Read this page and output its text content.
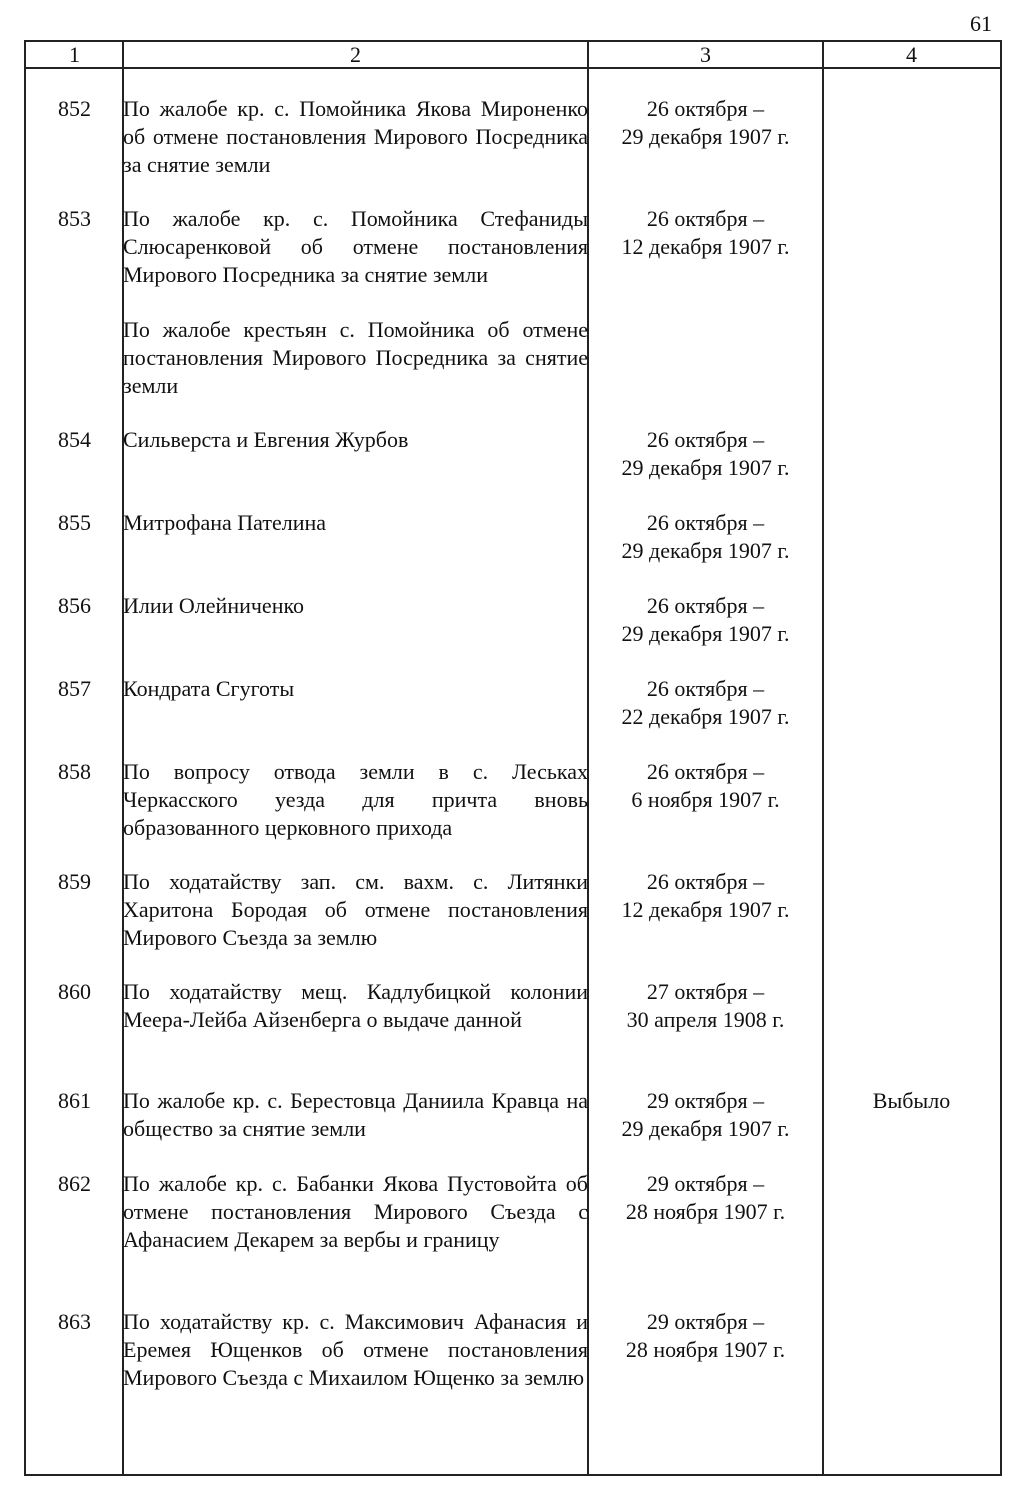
61
1	2	3	4
852	По жалобе кр. с. Помойника Якова Мироненко об отмене постановления Мирового Посредника за снятие земли	26 октября –
29 декабря 1907 г.	

853	По жалобе кр. с. Помойника Стефаниды Слюсаренковой об отмене постановления Мирового Посредника за снятие земли	26 октября –
12 декабря 1907 г.	

	По жалобе крестьян с. Помойника об отмене постановления Мирового Посредника за снятие земли		

854	Сильверста и Евгения Журбов	26 октября –
29 декабря 1907 г.	

855	Митрофана Пателина	26 октября –
29 декабря 1907 г.	

856	Илии Олейниченко	26 октября –
29 декабря 1907 г.	

857	Кондрата Сгуготы	26 октября –
22 декабря 1907 г.	

858	По вопросу отвода земли в с. Леськах Черкасского уезда для причта вновь образованного церковного прихода	26 октября –
6 ноября 1907 г.	

859	По ходатайству зап. см. вахм. с. Литянки Харитона Бородая об отмене постановления Мирового Съезда за землю	26 октября –
12 декабря 1907 г.	

860	По ходатайству мещ. Кадлубицкой колонии Меера-Лейба Айзенберга о выдаче данной	27 октября –
30 апреля 1908 г.	

861	По жалобе кр. с. Берестовца Даниила Кравца на общество за снятие земли	29 октября –
29 декабря 1907 г.	Выбыло
862	По жалобе кр. с. Бабанки Якова Пустовойта об отмене постановления Мирового Съезда с Афанасием Декарем за вербы и границу	29 октября –
28 ноября 1907 г.	

863	По ходатайству кр. с. Максимович Афанасия и Еремея Ющенков об отмене постановления Мирового Съезда с Михаилом Ющенко за землю	29 октября –
28 ноября 1907 г.	
